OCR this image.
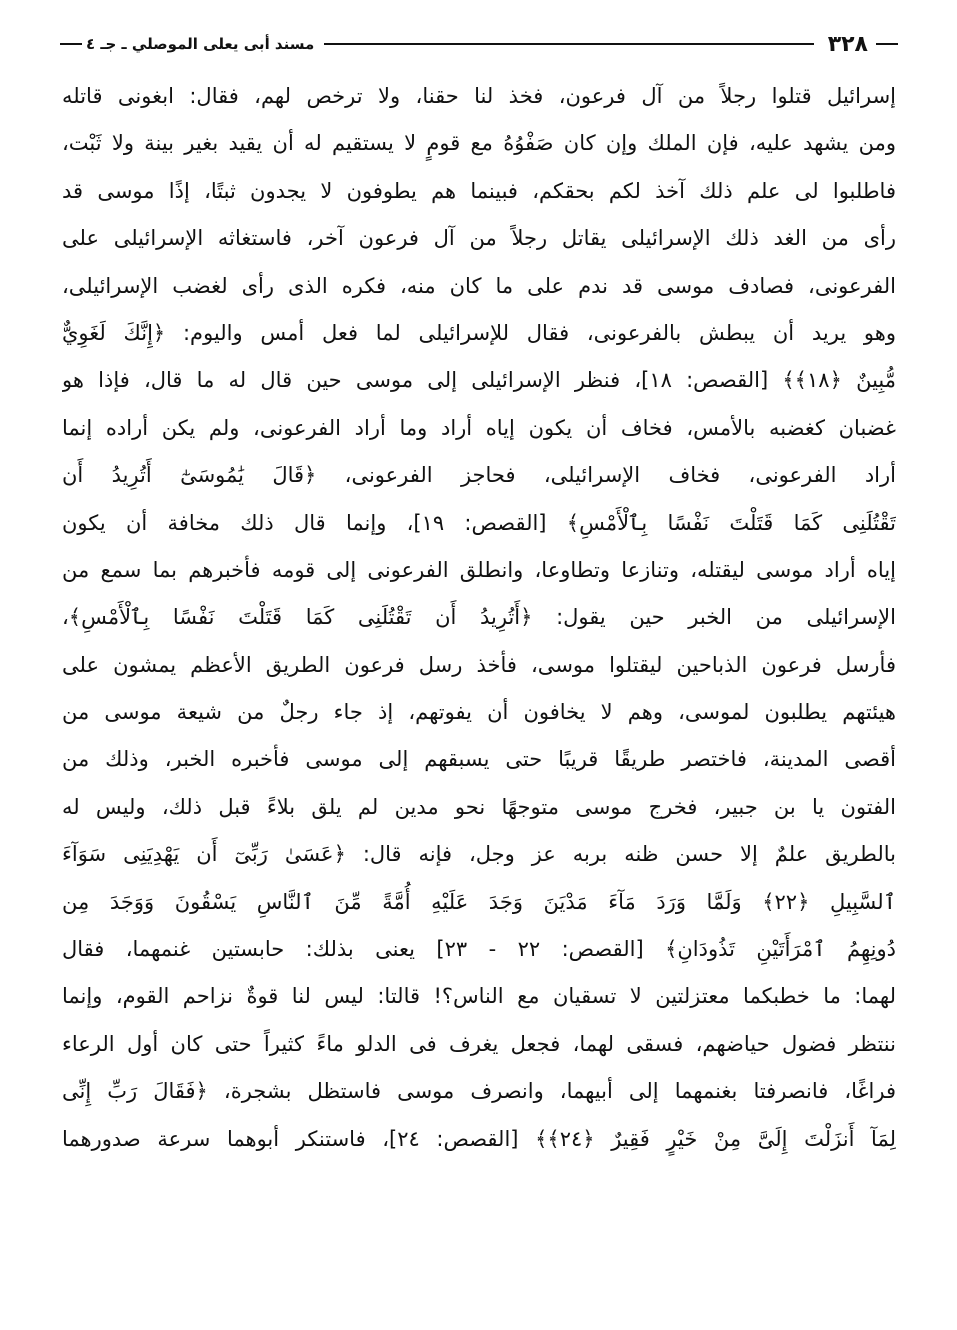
٣٢٨
مسند أبى يعلى الموصلي ـ جـ ٤
إسرائيل قتلوا رجلاً من آل فرعون، فخذ لنا حقنا، ولا ترخص لهم، فقال: ابغونى قاتله
ومن يشهد عليه، فإن الملك وإن كان صَفْوُهُ مع قومٍ لا يستقيم له أن يقيد بغير بينة ولا ثَبْت،
فاطلبوا لى علم ذلك آخذ لكم بحقكم، فبينما هم يطوفون لا يجدون ثبتًا، إذًا موسى قد
رأى من الغد ذلك الإسرائيلى يقاتل رجلاً من آل فرعون آخر، فاستغاثه الإسرائيلى على
الفرعونى، فصادف موسى قد ندم على ما كان منه، فكره الذى رأى لغضب الإسرائيلى،
وهو يريد أن يبطش بالفرعونى، فقال للإسرائيلى لما فعل أمس واليوم: ﴿إِنَّكَ لَغَوِيٌّ
مُّبِينٌ ﴿١٨﴾﴾ [القصص: ١٨]، فنظر الإسرائيلى إلى موسى حين قال له ما قال، فإذا هو
غضبان كغضبه بالأمس، فخاف أن يكون إياه أراد وما أراد الفرعونى، ولم يكن أراده إنما
أراد الفرعونى، فخاف الإسرائيلى، فحاجز الفرعونى، ﴿قَالَ يَٰمُوسَىٰٓ أَتُرِيدُ أَن
تَقْتُلَنِى كَمَا قَتَلْتَ نَفْسًا بِٱلْأَمْسِ﴾ [القصص: ١٩]، وإنما قال ذلك مخافة أن يكون
إياه أراد موسى ليقتله، وتنازعا وتطاوعا، وانطلق الفرعونى إلى قومه فأخبرهم بما سمع من
الإسرائيلى من الخبر حين يقول: ﴿أَتُرِيدُ أَن تَقْتُلَنِى كَمَا قَتَلْتَ نَفْسًا بِٱلْأَمْسِ﴾،
فأرسل فرعون الذباحين ليقتلوا موسى، فأخذ رسل فرعون الطريق الأعظم يمشون على
هيئتهم يطلبون لموسى، وهم لا يخافون أن يفوتهم، إذ جاء رجلٌ من شيعة موسى من
أقصى المدينة، فاختصر طريقًا قريبًا حتى يسبقهم إلى موسى فأخبره الخبر، وذلك من
الفتون يا بن جبير، فخرج موسى متوجهًا نحو مدين لم يلق بلاءً قبل ذلك، وليس له
بالطريق علمٌ إلا حسن ظنه بربه عز وجل، فإنه قال: ﴿عَسَىٰ رَبِّىٓ أَن يَهْدِيَنِى سَوَآءَ
ٱلسَّبِيلِ ﴿٢٢﴾ وَلَمَّا وَرَدَ مَآءَ مَدْيَنَ وَجَدَ عَلَيْهِ أُمَّةً مِّنَ ٱلنَّاسِ يَسْقُونَ وَوَجَدَ مِن
دُونِهِمُ ٱمْرَأَتَيْنِ تَذُودَانِ﴾ [القصص: ٢٢ - ٢٣] يعنى بذلك: حابستين غنمهما، فقال
لهما: ما خطبكما معتزلتين لا تسقيان مع الناس؟! قالتا: ليس لنا قوةٌ نزاحم القوم، وإنما
ننتظر فضول حياضهم، فسقى لهما، فجعل يغرف فى الدلو ماءً كثيراً حتى كان أول الرعاء
فراغًا، فانصرفتا بغنمهما إلى أبيهما، وانصرف موسى فاستظل بشجرة، ﴿فَقَالَ رَبِّ إِنِّى
لِمَآ أَنزَلْتَ إِلَىَّ مِنْ خَيْرٍ فَقِيرٌ ﴿٢٤﴾﴾ [القصص: ٢٤]، فاستنكر أبوهما سرعة صدورهما
